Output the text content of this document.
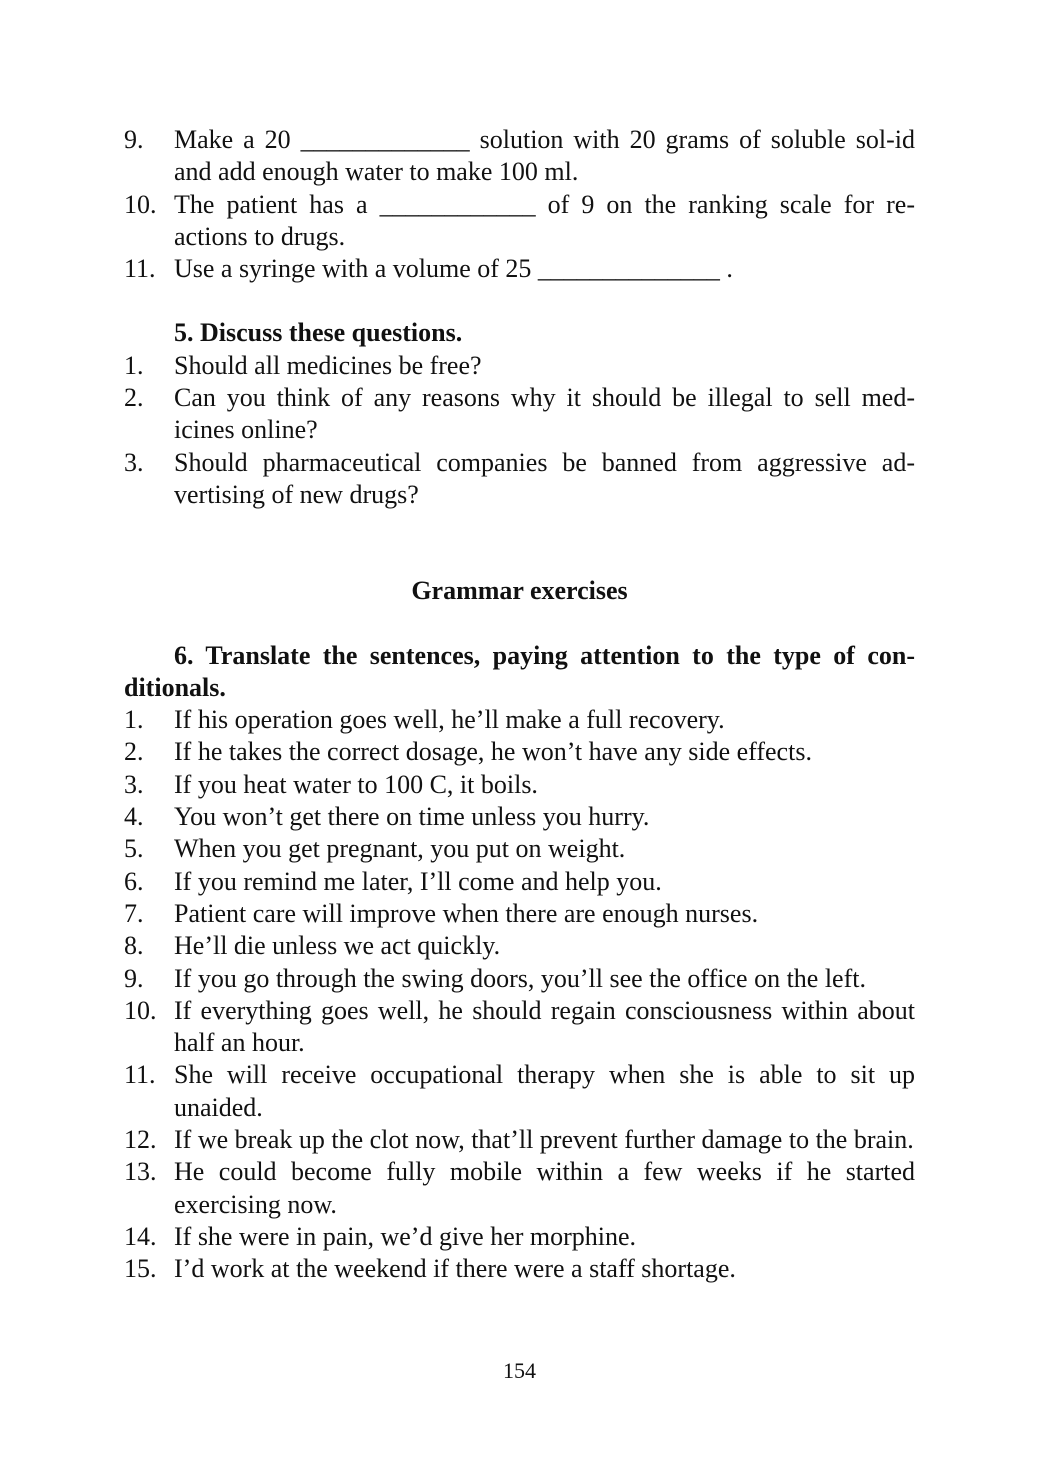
9. Make a 20 _____________ solution with 20 grams of soluble sol-id and add enough water to make 100 ml.
10. The patient has a ____________ of 9 on the ranking scale for re-actions to drugs.
11. Use a syringe with a volume of 25 ______________ .
5. Discuss these questions.
1. Should all medicines be free?
2. Can you think of any reasons why it should be illegal to sell med-icines online?
3. Should pharmaceutical companies be banned from aggressive ad-vertising of new drugs?
Grammar exercises
6. Translate the sentences, paying attention to the type of con-ditionals.
1. If his operation goes well, he’ll make a full recovery.
2. If he takes the correct dosage, he won’t have any side effects.
3. If you heat water to 100 C, it boils.
4. You won’t get there on time unless you hurry.
5. When you get pregnant, you put on weight.
6. If you remind me later, I’ll come and help you.
7. Patient care will improve when there are enough nurses.
8. He’ll die unless we act quickly.
9. If you go through the swing doors, you’ll see the office on the left.
10. If everything goes well, he should regain consciousness within about half an hour.
11. She will receive occupational therapy when she is able to sit up unaided.
12. If we break up the clot now, that’ll prevent further damage to the brain.
13. He could become fully mobile within a few weeks if he started exercising now.
14. If she were in pain, we’d give her morphine.
15. I’d work at the weekend if there were a staff shortage.
154
